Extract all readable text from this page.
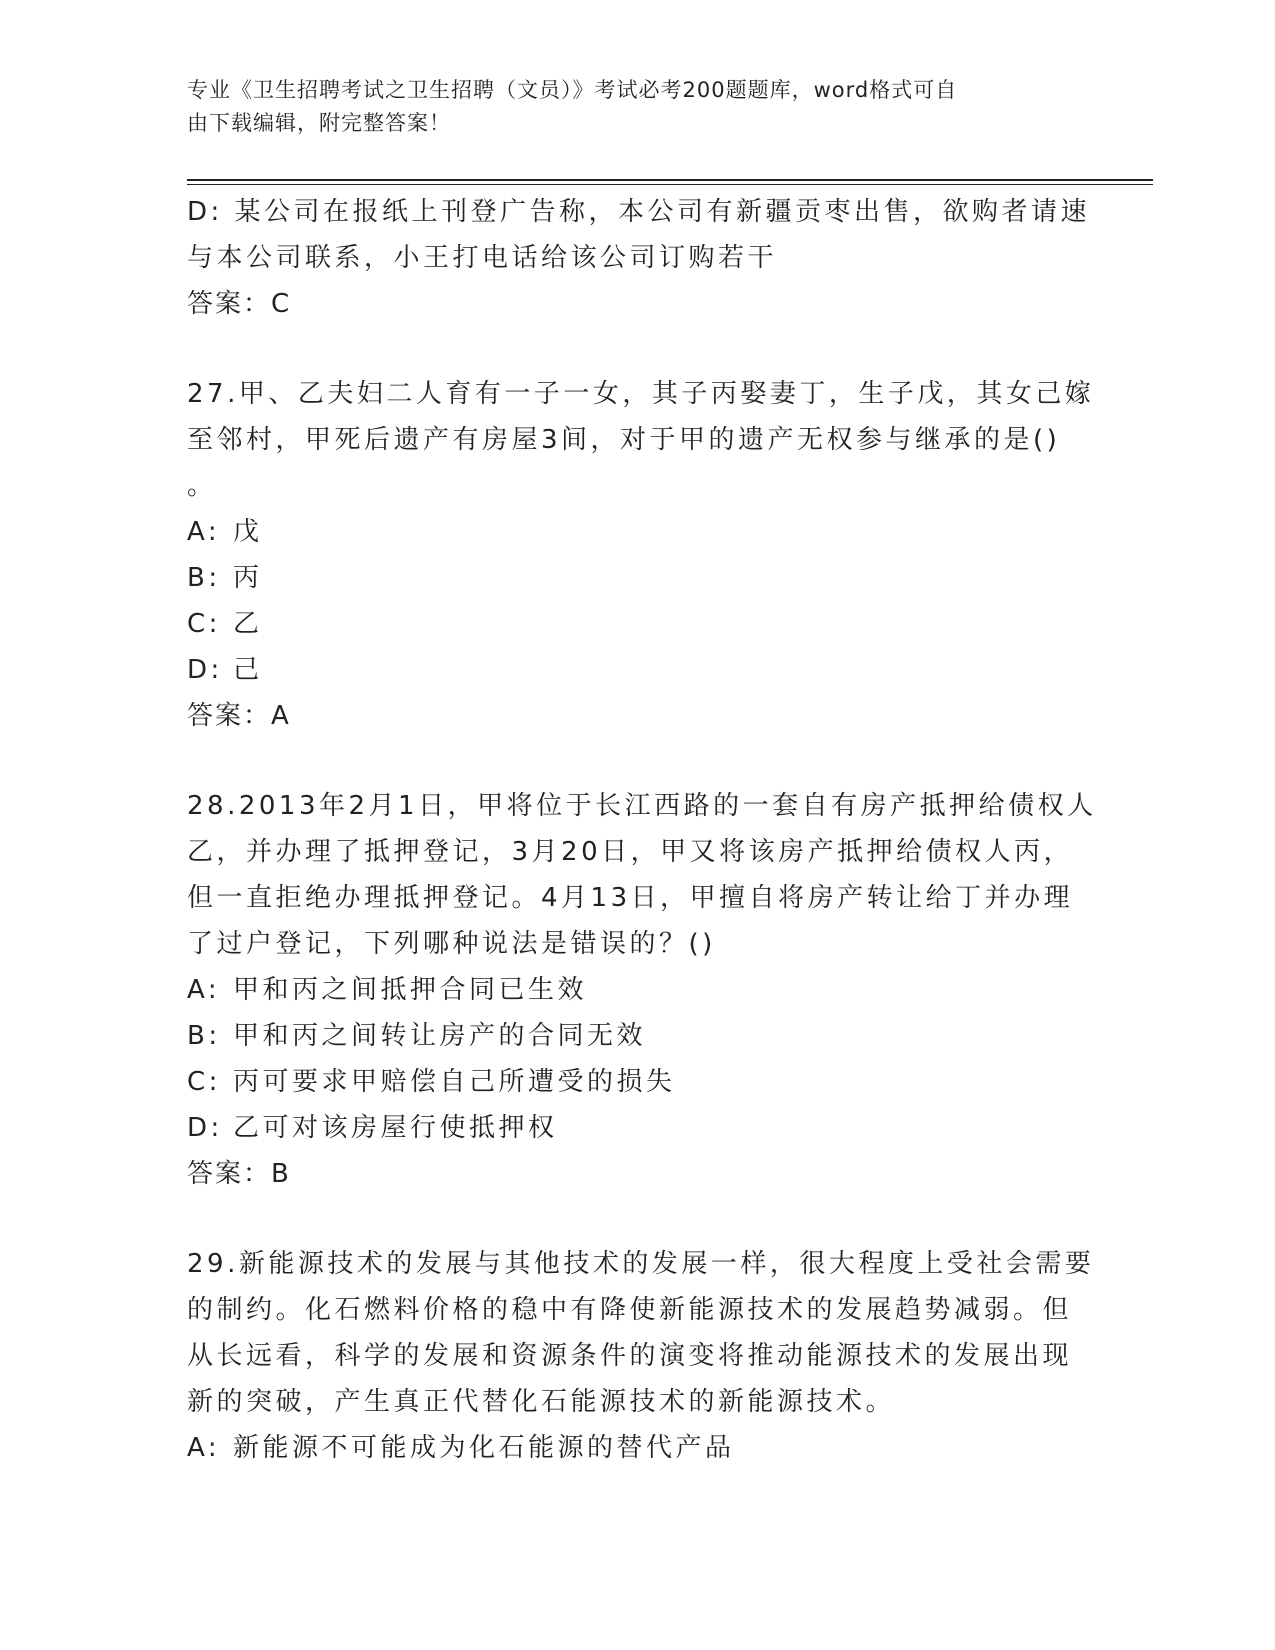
专业《卫生招聘考试之卫生招聘（文员）》考试必考200题题库，word格式可自
由下载编辑，附完整答案！
D: 某公司在报纸上刊登广告称，本公司有新疆贡枣出售，欲购者请速
与本公司联系，小王打电话给该公司订购若干
答案：C
27.甲、乙夫妇二人育有一子一女，其子丙娶妻丁，生子戊，其女己嫁
至邻村，甲死后遗产有房屋3间，对于甲的遗产无权参与继承的是()
。
A: 戊
B: 丙
C: 乙
D: 己
答案：A
28.2013年2月1日，甲将位于长江西路的一套自有房产抵押给债权人
乙，并办理了抵押登记，3月20日，甲又将该房产抵押给债权人丙，
但一直拒绝办理抵押登记。4月13日，甲擅自将房产转让给丁并办理
了过户登记，下列哪种说法是错误的？()
A: 甲和丙之间抵押合同已生效
B: 甲和丙之间转让房产的合同无效
C: 丙可要求甲赔偿自己所遭受的损失
D: 乙可对该房屋行使抵押权
答案：B
29.新能源技术的发展与其他技术的发展一样，很大程度上受社会需要
的制约。化石燃料价格的稳中有降使新能源技术的发展趋势减弱。但
从长远看，科学的发展和资源条件的演变将推动能源技术的发展出现
新的突破，产生真正代替化石能源技术的新能源技术。
A: 新能源不可能成为化石能源的替代产品
